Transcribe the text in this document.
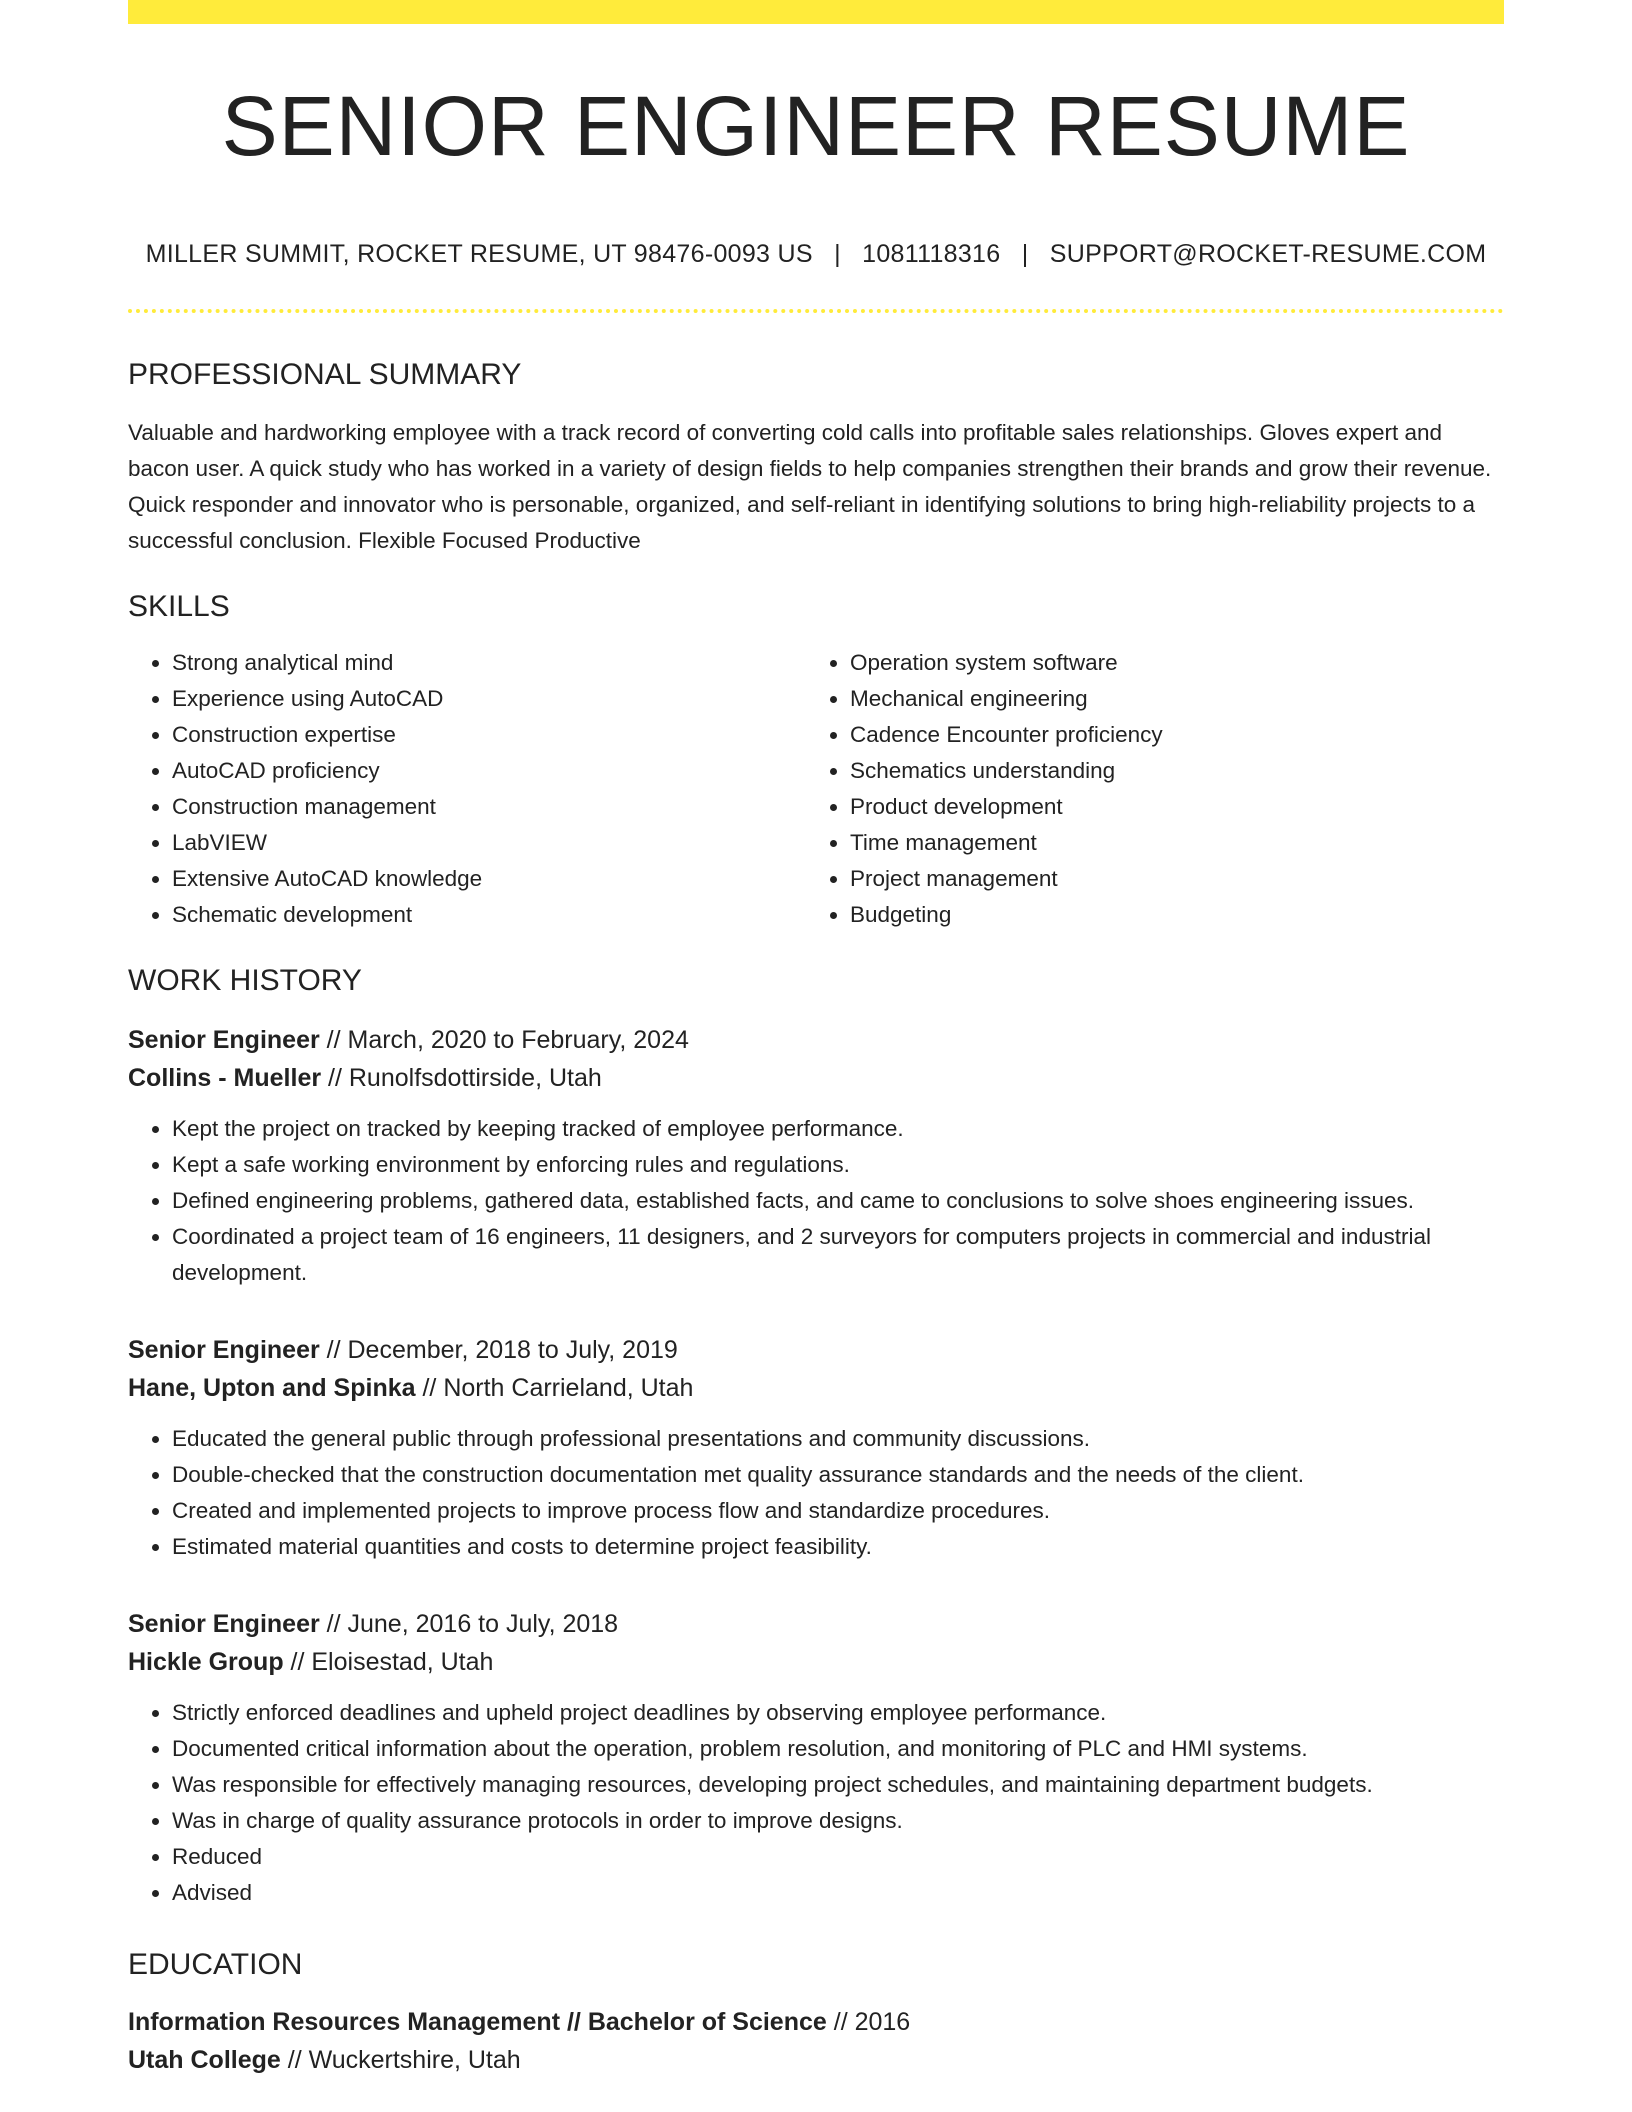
SENIOR ENGINEER RESUME
MILLER SUMMIT, ROCKET RESUME, UT 98476-0093 US | 1081118316 | SUPPORT@ROCKET-RESUME.COM
PROFESSIONAL SUMMARY
Valuable and hardworking employee with a track record of converting cold calls into profitable sales relationships. Gloves expert and bacon user. A quick study who has worked in a variety of design fields to help companies strengthen their brands and grow their revenue. Quick responder and innovator who is personable, organized, and self-reliant in identifying solutions to bring high-reliability projects to a successful conclusion. Flexible Focused Productive
SKILLS
• Strong analytical mind
• Experience using AutoCAD
• Construction expertise
• AutoCAD proficiency
• Construction management
• LabVIEW
• Extensive AutoCAD knowledge
• Schematic development
• Operation system software
• Mechanical engineering
• Cadence Encounter proficiency
• Schematics understanding
• Product development
• Time management
• Project management
• Budgeting
WORK HISTORY
Senior Engineer // March, 2020 to February, 2024
Collins - Mueller // Runolfsdottirside, Utah
• Kept the project on tracked by keeping tracked of employee performance.
• Kept a safe working environment by enforcing rules and regulations.
• Defined engineering problems, gathered data, established facts, and came to conclusions to solve shoes engineering issues.
• Coordinated a project team of 16 engineers, 11 designers, and 2 surveyors for computers projects in commercial and industrial development.
Senior Engineer // December, 2018 to July, 2019
Hane, Upton and Spinka // North Carrieland, Utah
• Educated the general public through professional presentations and community discussions.
• Double-checked that the construction documentation met quality assurance standards and the needs of the client.
• Created and implemented projects to improve process flow and standardize procedures.
• Estimated material quantities and costs to determine project feasibility.
Senior Engineer // June, 2016 to July, 2018
Hickle Group // Eloisestad, Utah
• Strictly enforced deadlines and upheld project deadlines by observing employee performance.
• Documented critical information about the operation, problem resolution, and monitoring of PLC and HMI systems.
• Was responsible for effectively managing resources, developing project schedules, and maintaining department budgets.
• Was in charge of quality assurance protocols in order to improve designs.
• Reduced
• Advised
EDUCATION
Information Resources Management // Bachelor of Science // 2016
Utah College // Wuckertshire, Utah
